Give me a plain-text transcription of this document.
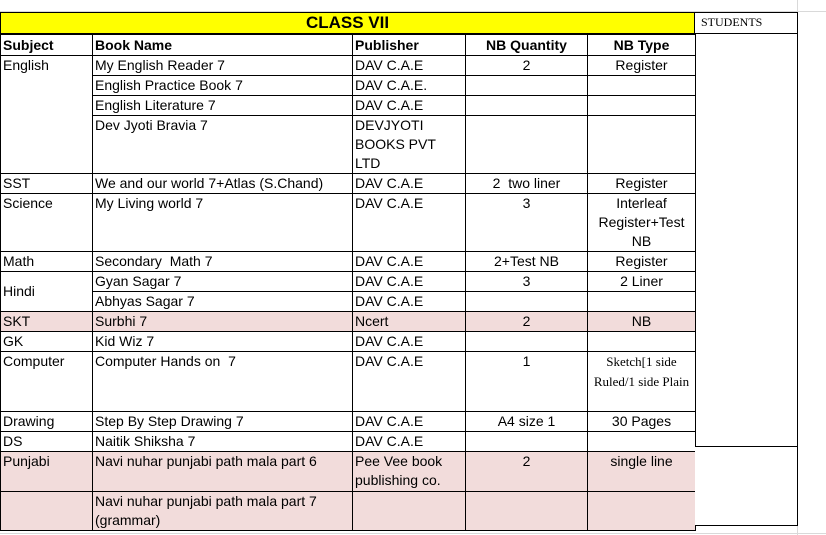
CLASS VII	STUDENTS
Subject	Book Name	Publisher	NB Quantity	NB Type
English	My English Reader 7	DAV C.A.E	2	Register
	English Practice Book 7	DAV C.A.E.		
	English Literature 7	DAV C.A.E		
	Dev Jyoti Bravia 7	DEVJYOTI BOOKS PVT LTD		
SST	We and our world 7+Atlas (S.Chand)	DAV C.A.E	2  two liner	Register
Science	My Living world 7	DAV C.A.E	3	Interleaf Register+Test NB
Math	Secondary  Math 7	DAV C.A.E	2+Test NB	Register
Hindi	Gyan Sagar 7	DAV C.A.E	3	2 Liner
	Abhyas Sagar 7	DAV C.A.E		
SKT	Surbhi 7	Ncert	2	NB
GK	Kid Wiz 7	DAV C.A.E		
Computer	Computer Hands on  7	DAV C.A.E	1	Sketch[1 side Ruled/1 side Plain
Drawing	Step By Step Drawing 7	DAV C.A.E	A4 size 1	30 Pages
DS	Naitik Shiksha 7	DAV C.A.E		
Punjabi	Navi nuhar punjabi path mala part 6	Pee Vee book publishing co.	2	single line
	Navi nuhar punjabi path mala part 7 (grammar)			
